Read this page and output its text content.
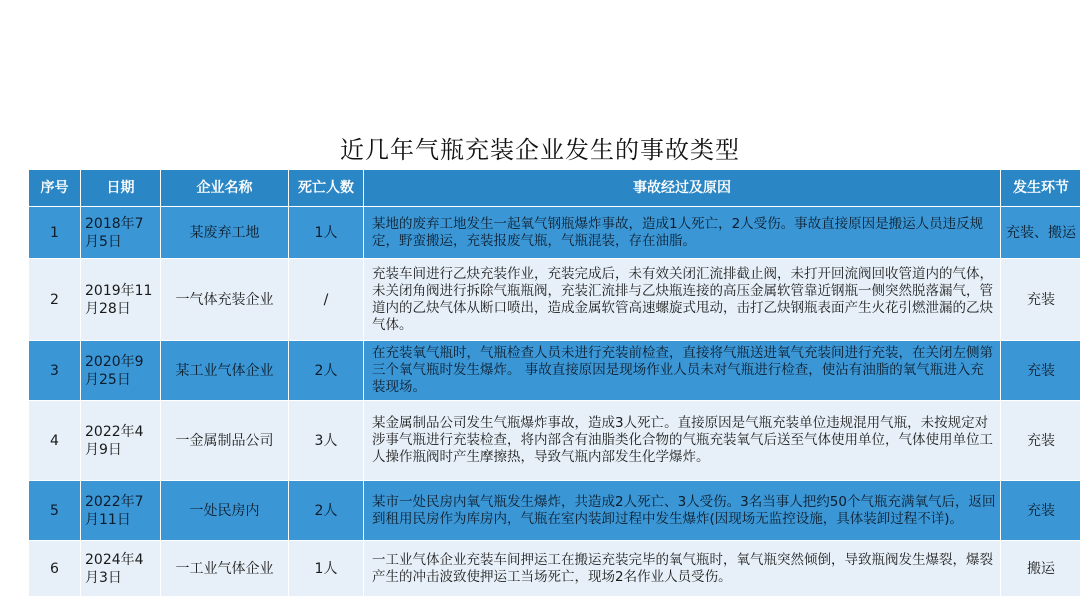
近几年气瓶充装企业发生的事故类型
序号	日期	企业名称	死亡人数	事故经过及原因	发生环节
1	2018年7月5日	某废弃工地	1人	某地的废弃工地发生一起氧气钢瓶爆炸事故，造成1人死亡，2人受伤。事故直接原因是搬运人员违反规定，野蛮搬运，充装报废气瓶，气瓶混装，存在油脂。	充装、搬运
2	2019年11月28日	一气体充装企业	/	充装车间进行乙炔充装作业，充装完成后，未有效关闭汇流排截止阀，未打开回流阀回收管道内的气体，未关闭角阀进行拆除气瓶瓶阀，充装汇流排与乙炔瓶连接的高压金属软管靠近钢瓶一侧突然脱落漏气，管道内的乙炔气体从断口喷出，造成金属软管高速螺旋式甩动，击打乙炔钢瓶表面产生火花引燃泄漏的乙炔气体。	充装
3	2020年9月25日	某工业气体企业	2人	在充装氧气瓶时，气瓶检查人员未进行充装前检查，直接将气瓶送进氧气充装间进行充装，在关闭左侧第三个氧气瓶时发生爆炸。 事故直接原因是现场作业人员未对气瓶进行检查，使沾有油脂的氧气瓶进入充装现场。	充装
4	2022年4月9日	一金属制品公司	3人	某金属制品公司发生气瓶爆炸事故，造成3人死亡。直接原因是气瓶充装单位违规混用气瓶，未按规定对涉事气瓶进行充装检查，将内部含有油脂类化合物的气瓶充装氧气后送至气体使用单位，气体使用单位工人操作瓶阀时产生摩擦热，导致气瓶内部发生化学爆炸。	充装
5	2022年7月11日	一处民房内	2人	某市一处民房内氧气瓶发生爆炸，共造成2人死亡、3人受伤。3名当事人把约50个气瓶充满氧气后，返回到租用民房作为库房内，气瓶在室内装卸过程中发生爆炸(因现场无监控设施，具体装卸过程不详)。	充装
6	2024年4月3日	一工业气体企业	1人	一工业气体企业充装车间押运工在搬运充装完毕的氧气瓶时，氧气瓶突然倾倒，导致瓶阀发生爆裂，爆裂产生的冲击波致使押运工当场死亡，现场2名作业人员受伤。	搬运
